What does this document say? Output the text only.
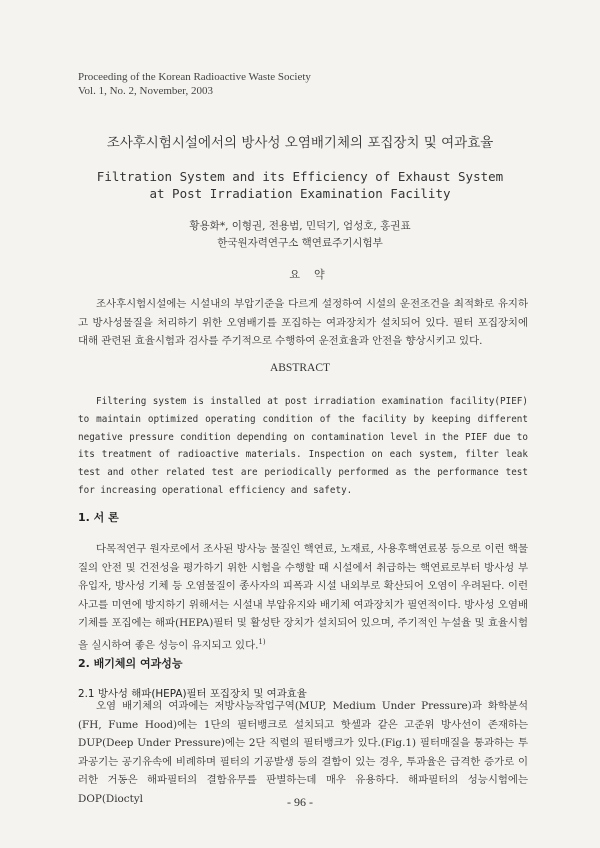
Proceeding of the Korean Radioactive Waste Society
Vol. 1, No. 2, November, 2003
조사후시험시설에서의 방사성 오염배기체의 포집장치 및 여과효율
Filtration System and its Efficiency of Exhaust System
at Post Irradiation Examination Facility
황용화*, 이형권, 전용범, 민덕기, 엄성호, 홍권표
한국원자력연구소 핵연료주기시험부
요약
조사후시험시설에는 시설내의 부압기준을 다르게 설정하여 시설의 운전조건을 최적화로 유지하고 방사성물질을 처리하기 위한 오염배기를 포집하는 여과장치가 설치되어 있다. 필터 포집장치에 대해 관련된 효율시험과 검사를 주기적으로 수행하여 운전효율과 안전을 향상시키고 있다.
ABSTRACT
Filtering system is installed at post irradiation examination facility(PIEF) to maintain optimized operating condition of the facility by keeping different negative pressure condition depending on contamination level in the PIEF due to its treatment of radioactive materials. Inspection on each system, filter leak test and other related test are periodically performed as the performance test for increasing operational efficiency and safety.
1. 서 론
다목적연구 원자로에서 조사된 방사능 물질인 핵연료, 노재료, 사용후핵연료봉 등으로 이런 핵물질의 안전 및 건전성을 평가하기 위한 시험을 수행할 때 시설에서 취급하는 핵연료로부터 방사성 부유입자, 방사성 기체 등 오염물질이 종사자의 피폭과 시설 내외부로 확산되어 오염이 우려된다. 이런 사고를 미연에 방지하기 위해서는 시설내 부압유지와 배기체 여과장치가 필연적이다. 방사성 오염배기체를 포집에는 해파(HEPA)필터 및 활성탄 장치가 설치되어 있으며, 주기적인 누설율 및 효율시험을 실시하여 좋은 성능이 유지되고 있다.$^{1)}$
2. 배기체의 여과성능
2.1 방사성 해파(HEPA)필터 포집장치 및 여과효율
오염 배기체의 여과에는 저방사능작업구역(MUP, Medium Under Pressure)과 화학분석(FH, Fume Hood)에는 1단의 필터뱅크로 설치되고 핫셀과 같은 고준위 방사선이 존재하는 DUP(Deep Under Pressure)에는 2단 직렬의 필터뱅크가 있다.(Fig.1) 필터매질을 통과하는 투과공기는 공기유속에 비례하며 필터의 기공발생 등의 결함이 있는 경우, 투과율은 급격한 증가로 이러한 거동은 해파필터의 결함유무를 판별하는데 매우 유용하다. 해파필터의 성능시험에는 DOP(Dioctyl	- 96 -
